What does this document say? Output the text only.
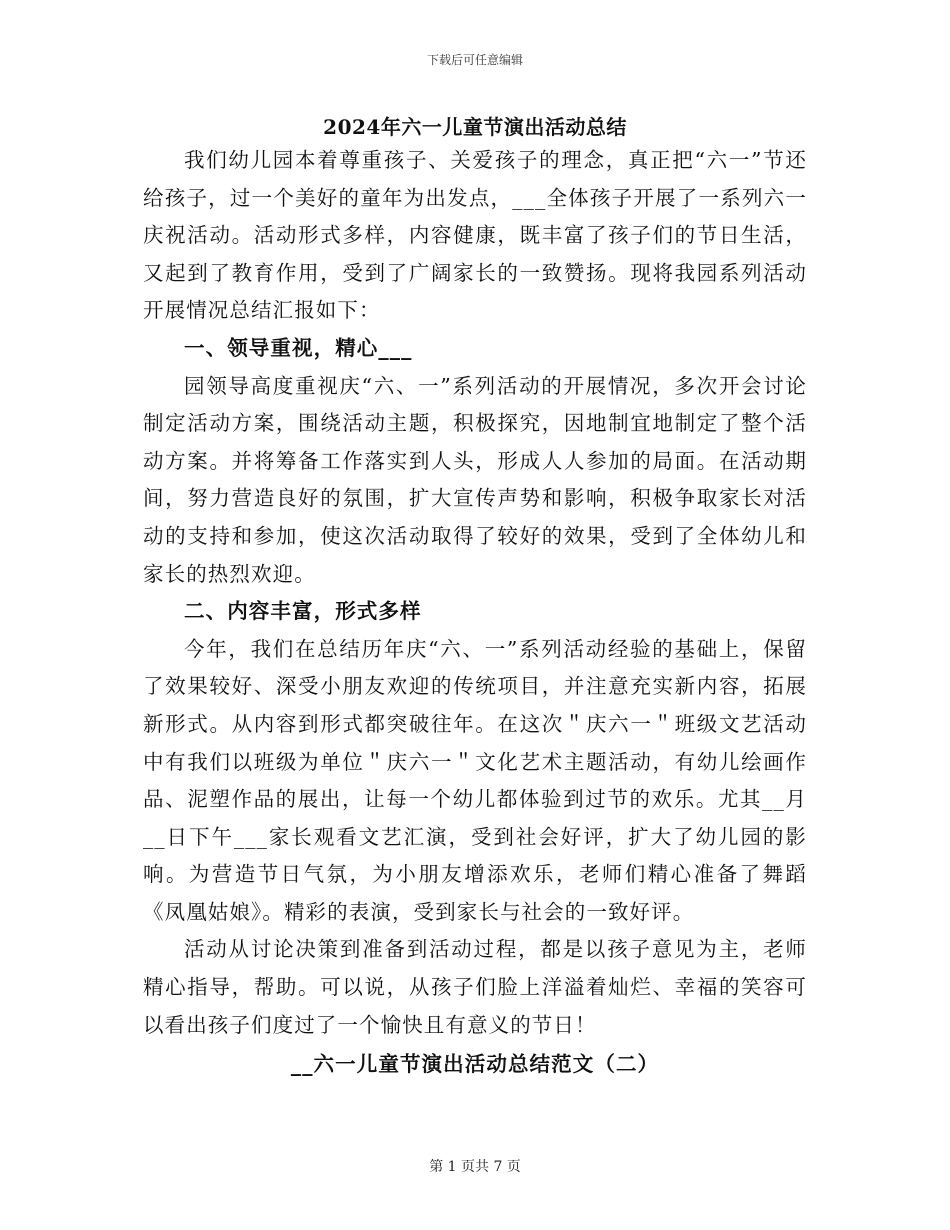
下载后可任意编辑
2024年六一儿童节演出活动总结

我们幼儿园本着尊重孩子、关爱孩子的理念，真正把“六一”节还给孩子，过一个美好的童年为出发点，___全体孩子开展了一系列六一庆祝活动。活动形式多样，内容健康，既丰富了孩子们的节日生活，又起到了教育作用，受到了广阔家长的一致赞扬。现将我园系列活动开展情况总结汇报如下：

一、领导重视，精心___

园领导高度重视庆“六、一”系列活动的开展情况，多次开会讨论制定活动方案，围绕活动主题，积极探究，因地制宜地制定了整个活动方案。并将筹备工作落实到人头，形成人人参加的局面。在活动期间，努力营造良好的氛围，扩大宣传声势和影响，积极争取家长对活动的支持和参加，使这次活动取得了较好的效果，受到了全体幼儿和家长的热烈欢迎。

二、内容丰富，形式多样

今年，我们在总结历年庆“六、一”系列活动经验的基础上，保留了效果较好、深受小朋友欢迎的传统项目，并注意充实新内容，拓展新形式。从内容到形式都突破往年。在这次＂庆六一＂班级文艺活动中有我们以班级为单位＂庆六一＂文化艺术主题活动，有幼儿绘画作品、泥塑作品的展出，让每一个幼儿都体验到过节的欢乐。尤其__月__日下午___家长观看文艺汇演，受到社会好评，扩大了幼儿园的影响。为营造节日气氛，为小朋友增添欢乐，老师们精心准备了舞蹈《凤凰姑娘》。精彩的表演，受到家长与社会的一致好评。

活动从讨论决策到准备到活动过程，都是以孩子意见为主，老师精心指导，帮助。可以说，从孩子们脸上洋溢着灿烂、幸福的笑容可以看出孩子们度过了一个愉快且有意义的节日！

__六一儿童节演出活动总结范文（二）
第 1 页共 7 页
